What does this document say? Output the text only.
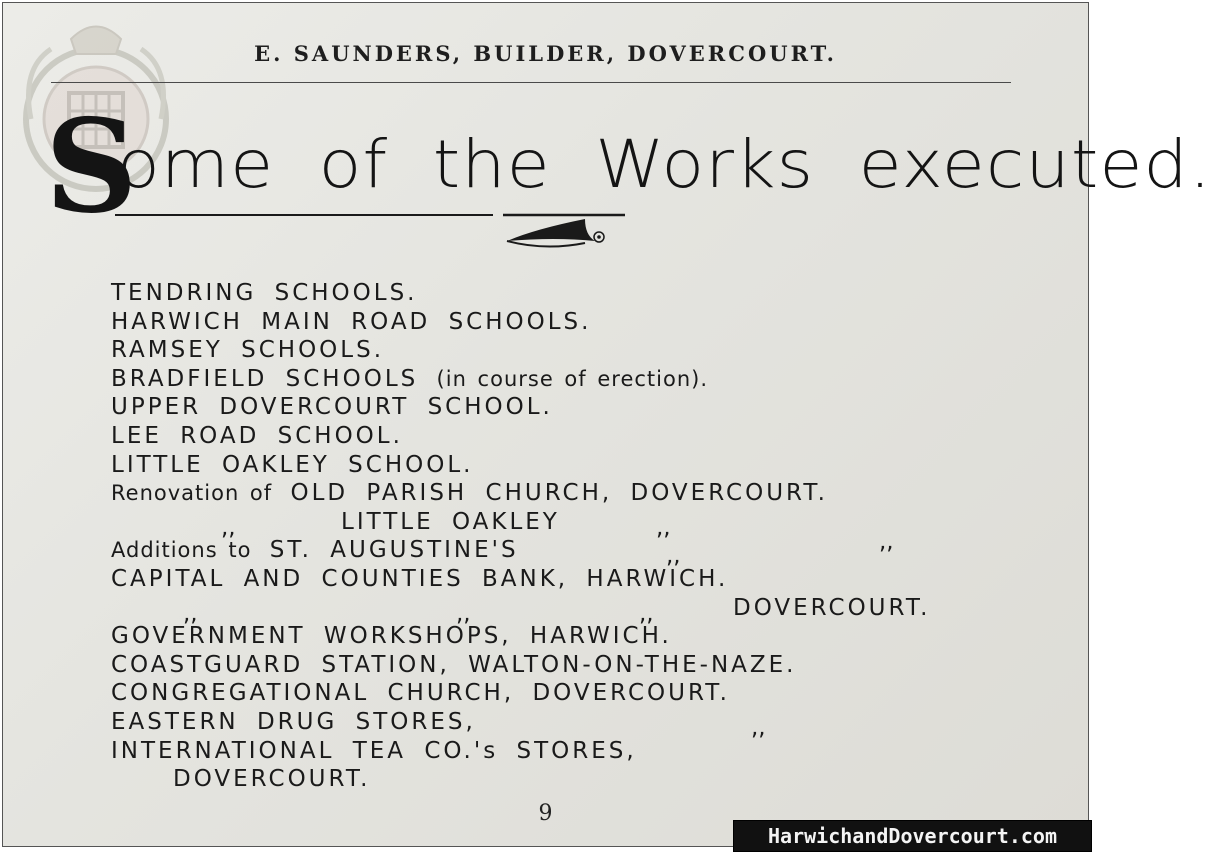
E. SAUNDERS, BUILDER, DOVERCOURT.
S
ome of the Works executed.
TENDRING SCHOOLS.
HARWICH MAIN ROAD SCHOOLS.
RAMSEY SCHOOLS.
BRADFIELD SCHOOLS (in course of erection).
UPPER DOVERCOURT SCHOOL.
LEE ROAD SCHOOL.
LITTLE OAKLEY SCHOOL.
Renovation of OLD PARISH CHURCH, DOVERCOURT.
,,	LITTLE OAKLEY	,,
Additions to ST. AUGUSTINE'S	,,
,,
CAPITAL AND COUNTIES BANK, HARWICH.
,,	,,	,,	DOVERCOURT.
GOVERNMENT WORKSHOPS, HARWICH.
COASTGUARD STATION, WALTON-ON-THE-NAZE.
CONGREGATIONAL CHURCH, DOVERCOURT.
EASTERN DRUG STORES,	,,
INTERNATIONAL TEA CO.'s STORES,
DOVERCOURT.
9
HarwichandDovercourt.com
